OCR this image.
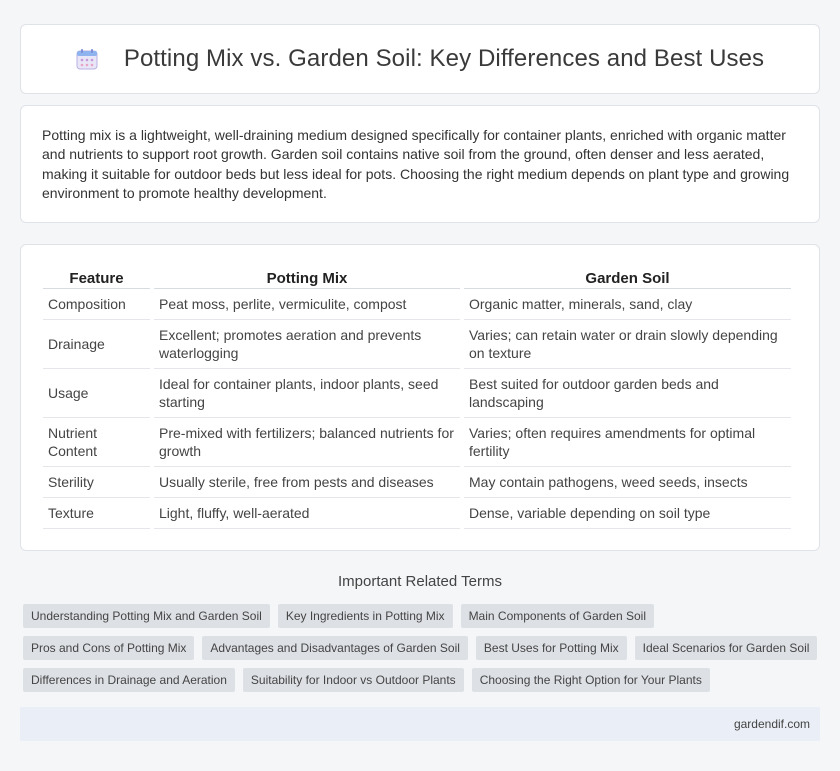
Potting Mix vs. Garden Soil: Key Differences and Best Uses

Potting mix is a lightweight, well-draining medium designed specifically for container plants, enriched with organic matter and nutrients to support root growth. Garden soil contains native soil from the ground, often denser and less aerated, making it suitable for outdoor beds but less ideal for pots. Choosing the right medium depends on plant type and growing environment to promote healthy development.

Feature	Potting Mix	Garden Soil
Composition	Peat moss, perlite, vermiculite, compost	Organic matter, minerals, sand, clay
Drainage	Excellent; promotes aeration and prevents waterlogging	Varies; can retain water or drain slowly depending on texture
Usage	Ideal for container plants, indoor plants, seed starting	Best suited for outdoor garden beds and landscaping
Nutrient Content	Pre-mixed with fertilizers; balanced nutrients for growth	Varies; often requires amendments for optimal fertility
Sterility	Usually sterile, free from pests and diseases	May contain pathogens, weed seeds, insects
Texture	Light, fluffy, well-aerated	Dense, variable depending on soil type
Important Related Terms
Understanding Potting Mix and Garden Soil	Key Ingredients in Potting Mix	Main Components of Garden Soil
Pros and Cons of Potting Mix	Advantages and Disadvantages of Garden Soil	Best Uses for Potting Mix	Ideal Scenarios for Garden Soil
Differences in Drainage and Aeration	Suitability for Indoor vs Outdoor Plants	Choosing the Right Option for Your Plants
gardendif.com
